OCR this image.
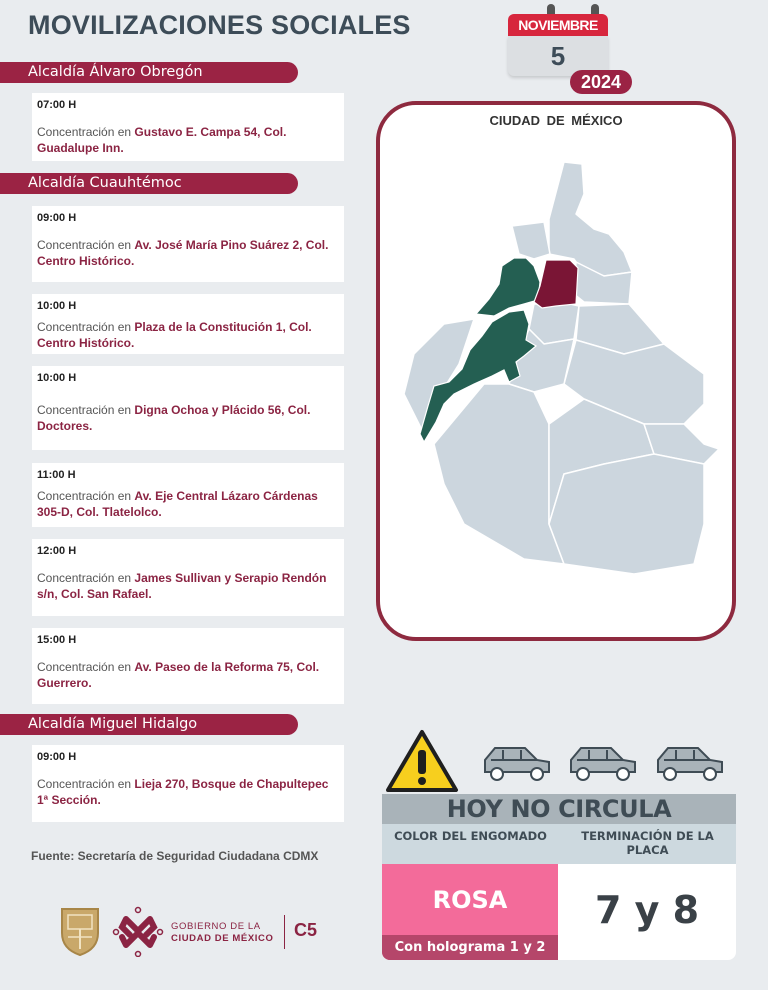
MOVILIZACIONES SOCIALES	NOVIEMBRE
5
2024
Alcaldía Álvaro Obregón
07:00 H
Concentración en Gustavo E. Campa 54, Col. Guadalupe Inn.
Alcaldía Cuauhtémoc
09:00 H
Concentración en Av. José María Pino Suárez 2, Col. Centro Histórico.
10:00 H
Concentración en Plaza de la Constitución 1, Col. Centro Histórico.
10:00 H
Concentración en Digna Ochoa y Plácido 56, Col. Doctores.
11:00 H
Concentración en Av. Eje Central Lázaro Cárdenas 305-D, Col. Tlatelolco.
12:00 H
Concentración en James Sullivan y Serapio Rendón s/n, Col. San Rafael.
15:00 H
Concentración en Av. Paseo de la Reforma 75, Col. Guerrero.
Alcaldía Miguel Hidalgo
09:00 H
Concentración en Lieja 270, Bosque de Chapultepec 1ª Sección.
Fuente: Secretaría de Seguridad Ciudadana CDMX
CIUDAD DE MÉXICO
HOY NO CIRCULA
COLOR DEL ENGOMADO	TERMINACIÓN DE LA PLACA
ROSA
Con holograma 1 y 2
7 y 8
GOBIERNO DE LA
CIUDAD DE MÉXICO C5
